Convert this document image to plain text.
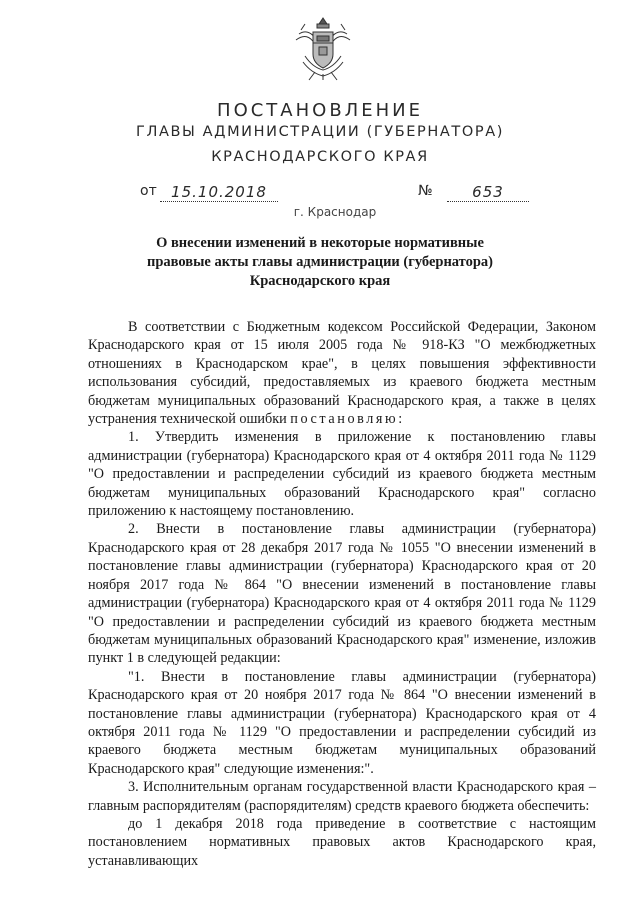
ПОСТАНОВЛЕНИЕ
ГЛАВЫ АДМИНИСТРАЦИИ (ГУБЕРНАТОРА)
КРАСНОДАРСКОГО КРАЯ
от 15.10.2018	№	653
г. Краснодар
О внесении изменений в некоторые нормативные
правовые акты главы администрации (губернатора)
Краснодарского края

В соответствии с Бюджетным кодексом Российской Федерации, Законом Краснодарского края от 15 июля 2005 года № 918-КЗ "О межбюджетных отношениях в Краснодарском крае", в целях повышения эффективности использования субсидий, предоставляемых из краевого бюджета местным бюджетам муниципальных образований Краснодарского края, а также в целях устранения технической ошибки постановляю:

1. Утвердить изменения в приложение к постановлению главы администрации (губернатора) Краснодарского края от 4 октября 2011 года № 1129 "О предоставлении и распределении субсидий из краевого бюджета местным бюджетам муниципальных образований Краснодарского края" согласно приложению к настоящему постановлению.

2. Внести в постановление главы администрации (губернатора) Краснодарского края от 28 декабря 2017 года № 1055 "О внесении изменений в постановление главы администрации (губернатора) Краснодарского края от 20 ноября 2017 года № 864 "О внесении изменений в постановление главы администрации (губернатора) Краснодарского края от 4 октября 2011 года № 1129 "О предоставлении и распределении субсидий из краевого бюджета местным бюджетам муниципальных образований Краснодарского края" изменение, изложив пункт 1 в следующей редакции:

"1. Внести в постановление главы администрации (губернатора) Краснодарского края от 20 ноября 2017 года № 864 "О внесении изменений в постановление главы администрации (губернатора) Краснодарского края от 4 октября 2011 года № 1129 "О предоставлении и распределении субсидий из краевого бюджета местным бюджетам муниципальных образований Краснодарского края" следующие изменения:".

3. Исполнительным органам государственной власти Краснодарского края – главным распорядителям (распорядителям) средств краевого бюджета обеспечить:

до 1 декабря 2018 года приведение в соответствие с настоящим постановлением нормативных правовых актов Краснодарского края, устанавливающих
